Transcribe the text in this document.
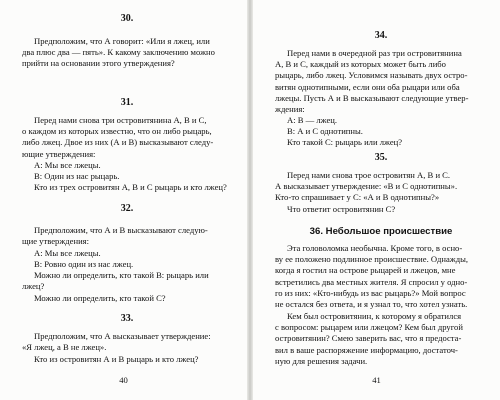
30.

Предположим, что А говорит: «Или я лжец, или
два плюс два — пять». К какому заключению можно
прийти на основании этого утверждения?

31.

Перед нами снова три островитянина А, В и С,
о каждом из которых известно, что он либо рыцарь,
либо лжец. Двое из них (А и В) высказывают следу-
ющие утверждения:

А: Мы все лжецы.

В: Один из нас рыцарь.

Кто из трех островитян А, В и С рыцарь и кто лжец?

32.

Предположим, что А и В высказывают следую-
щие утверждения:

А: Мы все лжецы.

В: Ровно один из нас лжец.

Можно ли определить, кто такой В: рыцарь или
лжец?

Можно ли определить, кто такой С?

33.

Предположим, что А высказывает утверждение:
«Я лжец, а В не лжец».

Кто из островитян А и В рыцарь и кто лжец?

40

34.

Перед нами в очередной раз три островитянина
А, В и С, каждый из которых может быть либо
рыцарь, либо лжец. Условимся называть двух остро-
витян однотипными, если они оба рыцари или оба
лжецы. Пусть А и В высказывают следующие утвер-
ждения:

А: В — лжец.

В: А и С однотипны.

Кто такой С: рыцарь или лжец?

35.

Перед нами снова трое островитян А, В и С.
А высказывает утверждение: «В и С однотипны».
Кто-то спрашивает у С: «А и В однотипны?»

Что ответит островитянин С?

36. Небольшое происшествие

Эта головоломка необычна. Кроме того, в осно-
ву ее положено подлинное происшествие. Однажды,
когда я гостил на острове рыцарей и лжецов, мне
встретились два местных жителя. Я спросил у одно-
го из них: «Кто-нибудь из вас рыцарь?» Мой вопрос
не остался без ответа, и я узнал то, что хотел узнать.

Кем был островитянин, к которому я обратился
с вопросом: рыцарем или лжецом? Кем был другой
островитянин? Смею заверить вас, что я предоста-
вил в ваше распоряжение информацию, достаточ-
ную для решения задачи.

41
